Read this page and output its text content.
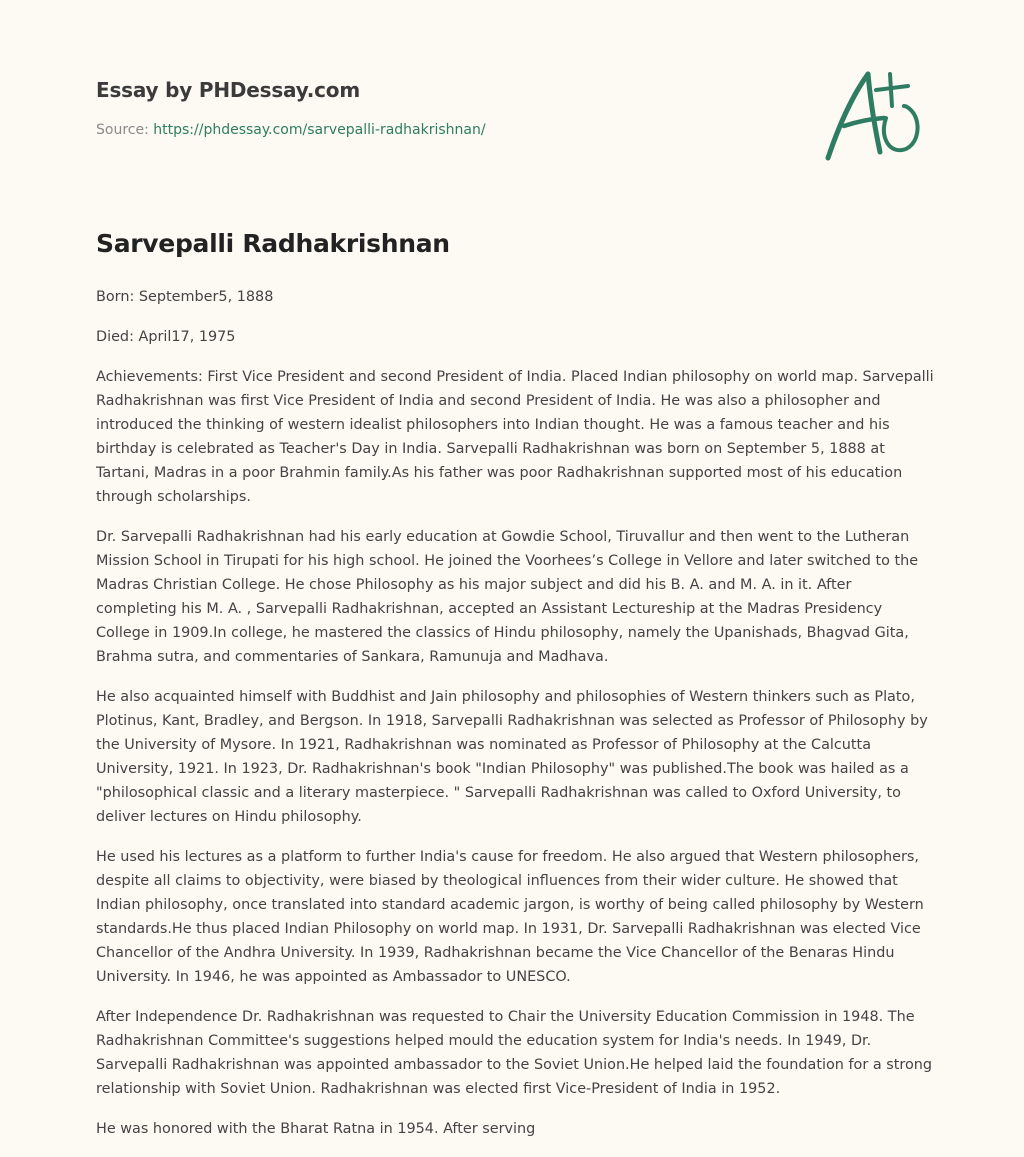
Essay by PHDessay.com
Source: https://phdessay.com/sarvepalli-radhakrishnan/
Sarvepalli Radhakrishnan

Born: September5, 1888

Died: April17, 1975

Achievements: First Vice President and second President of India. Placed Indian philosophy on world map. Sarvepalli Radhakrishnan was first Vice President of India and second President of India. He was also a philosopher and introduced the thinking of western idealist philosophers into Indian thought. He was a famous teacher and his birthday is celebrated as Teacher's Day in India. Sarvepalli Radhakrishnan was born on September 5, 1888 at Tartani, Madras in a poor Brahmin family.As his father was poor Radhakrishnan supported most of his education through scholarships.

Dr. Sarvepalli Radhakrishnan had his early education at Gowdie School, Tiruvallur and then went to the Lutheran Mission School in Tirupati for his high school. He joined the Voorhees’s College in Vellore and later switched to the Madras Christian College. He chose Philosophy as his major subject and did his B. A. and M. A. in it. After completing his M. A. , Sarvepalli Radhakrishnan, accepted an Assistant Lectureship at the Madras Presidency College in 1909.In college, he mastered the classics of Hindu philosophy, namely the Upanishads, Bhagvad Gita, Brahma sutra, and commentaries of Sankara, Ramunuja and Madhava.

He also acquainted himself with Buddhist and Jain philosophy and philosophies of Western thinkers such as Plato, Plotinus, Kant, Bradley, and Bergson. In 1918, Sarvepalli Radhakrishnan was selected as Professor of Philosophy by the University of Mysore. In 1921, Radhakrishnan was nominated as Professor of Philosophy at the Calcutta University, 1921. In 1923, Dr. Radhakrishnan's book "Indian Philosophy" was published.The book was hailed as a "philosophical classic and a literary masterpiece. " Sarvepalli Radhakrishnan was called to Oxford University, to deliver lectures on Hindu philosophy.

He used his lectures as a platform to further India's cause for freedom. He also argued that Western philosophers, despite all claims to objectivity, were biased by theological influences from their wider culture. He showed that Indian philosophy, once translated into standard academic jargon, is worthy of being called philosophy by Western standards.He thus placed Indian Philosophy on world map. In 1931, Dr. Sarvepalli Radhakrishnan was elected Vice Chancellor of the Andhra University. In 1939, Radhakrishnan became the Vice Chancellor of the Benaras Hindu University. In 1946, he was appointed as Ambassador to UNESCO.

After Independence Dr. Radhakrishnan was requested to Chair the University Education Commission in 1948. The Radhakrishnan Committee's suggestions helped mould the education system for India's needs. In 1949, Dr. Sarvepalli Radhakrishnan was appointed ambassador to the Soviet Union.He helped laid the foundation for a strong relationship with Soviet Union. Radhakrishnan was elected first Vice-President of India in 1952.

He was honored with the Bharat Ratna in 1954. After serving
